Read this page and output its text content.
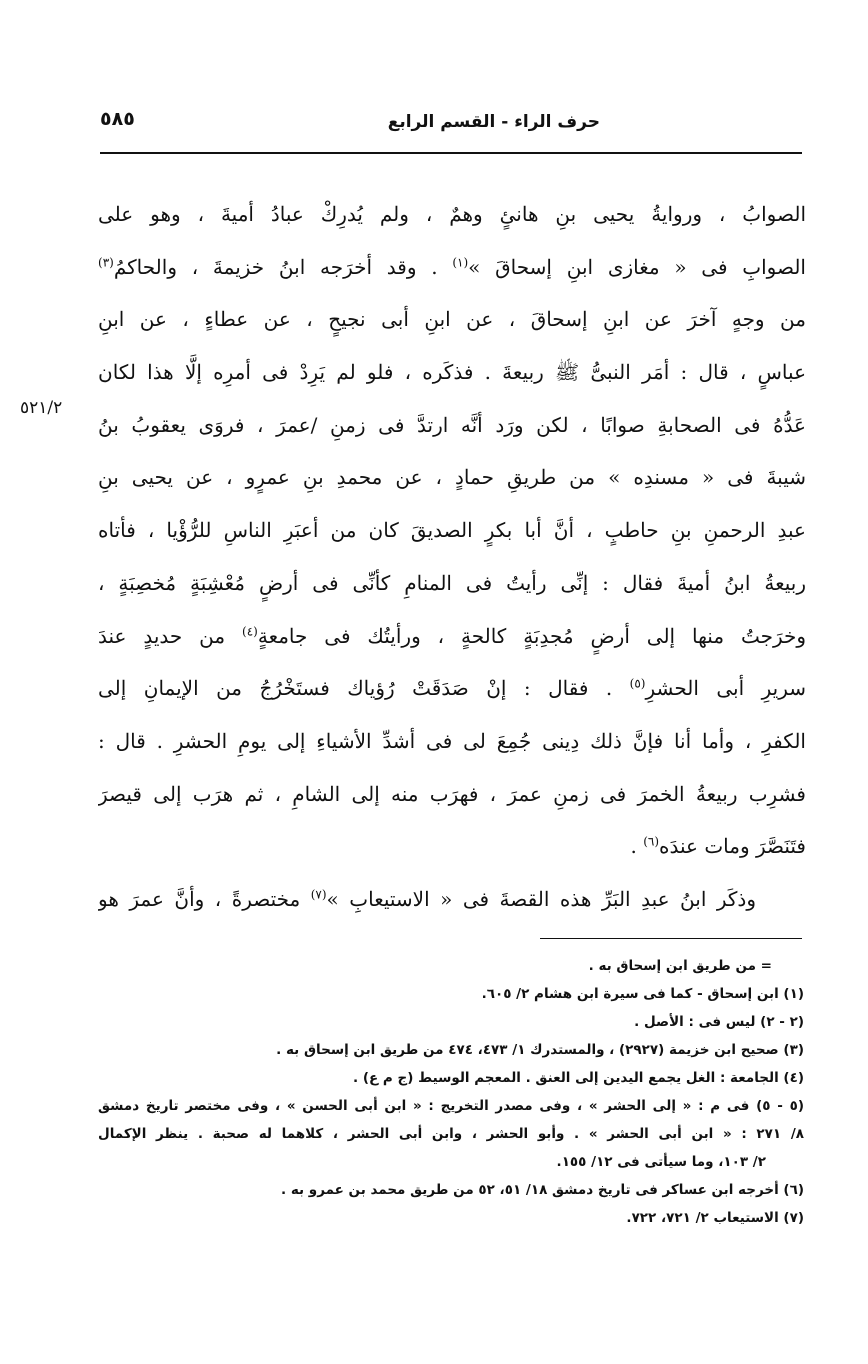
حرف الراء - القسم الرابع
٥٨٥
٥٢١/٢
الصوابُ ، وروايةُ يحيى بنِ هانئٍ وهمٌ ، ولم يُدرِكْ عبادُ أميةَ ، وهو على
الصوابِ فى « مغازى ابنِ إسحاقَ »$^{(١)}$ . وقد أخرَجه ابنُ خزيمةَ ، والحاكمُ$^{(٣)}$
من وجهٍ آخرَ عن ابنِ إسحاقَ ، عن ابنِ أبى نجيحٍ ، عن عطاءٍ ، عن ابنِ
عباسٍ ، قال : أمَر النبىُّ ﷺ ربيعةَ . فذكَره ، فلو لم يَرِدْ فى أمرِه إلَّا هذا لكان
عَدُّهُ فى الصحابةِ صوابًا ، لكن ورَد أنَّه ارتدَّ فى زمنِ /عمرَ ، فروَى يعقوبُ بنُ
شيبةَ فى « مسندِه » من طريقِ حمادٍ ، عن محمدِ بنِ عمرٍو ، عن يحيى بنِ
عبدِ الرحمنِ بنِ حاطبٍ ، أنَّ أبا بكرٍ الصديقَ كان من أعبَرِ الناسِ للرُّؤْيا ، فأتاه
ربيعةُ ابنُ أميةَ فقال : إنِّى رأيتُ فى المنامِ كأنِّى فى أرضٍ مُعْشِبَةٍ مُخصِبَةٍ ،
وخرَجتُ منها إلى أرضٍ مُجدِبَةٍ كالحةٍ ، ورأيتُك فى جامعةٍ$^{(٤)}$ من حديدٍ عندَ
سريرِ أبى الحشرِ$^{(٥)}$ . فقال : إنْ صَدَقَتْ رُؤياك فستَخْرُجُ من الإيمانِ إلى
الكفرِ ، وأما أنا فإنَّ ذلك دِينى جُمِعَ لى فى أشدِّ الأشياءِ إلى يومِ الحشرِ . قال :
فشرِب ربيعةُ الخمرَ فى زمنِ عمرَ ، فهرَب منه إلى الشامِ ، ثم هرَب إلى قيصرَ
فتَنَصَّرَ ومات عندَه$^{(٦)}$ .
وذكَر ابنُ عبدِ البَرِّ هذه القصةَ فى « الاستيعابِ »$^{(٧)}$ مختصرةً ، وأنَّ عمرَ هو
= من طريق ابن إسحاق به .
(١) ابن إسحاق - كما فى سيرة ابن هشام ٢/ ٦٠٥.
(٢ - ٢) ليس فى : الأصل .
(٣) صحيح ابن خزيمة (٢٩٢٧) ، والمستدرك ١/ ٤٧٣، ٤٧٤ من طريق ابن إسحاق به .
(٤) الجامعة : الغل يجمع اليدين إلى العنق . المعجم الوسيط (ج م ع) .
(٥ - ٥) فى م : « إلى الحشر » ، وفى مصدر التخريج : « ابن أبى الحسن » ، وفى مختصر تاريخ دمشق
٨/ ٢٧١ : « ابن أبى الحشر » . وأبو الحشر ، وابن أبى الحشر ، كلاهما له صحبة . ينظر الإكمال
٢/ ١٠٣، وما سيأتى فى ١٢/ ١٥٥.
(٦) أخرجه ابن عساكر فى تاريخ دمشق ١٨/ ٥١، ٥٢ من طريق محمد بن عمرو به .
(٧) الاستيعاب ٢/ ٧٢١، ٧٢٢.
